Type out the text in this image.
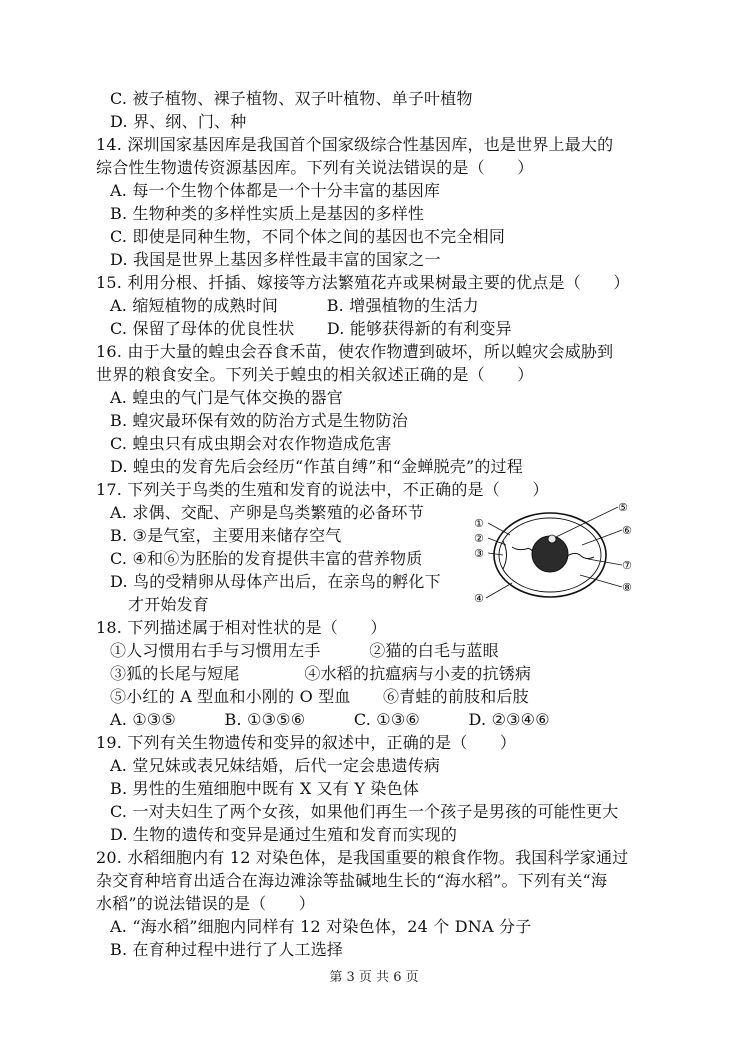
C. 被子植物、裸子植物、双子叶植物、单子叶植物
D. 界、纲、门、种
14. 深圳国家基因库是我国首个国家级综合性基因库，也是世界上最大的
综合性生物遗传资源基因库。下列有关说法错误的是（　　）
A. 每一个生物个体都是一个十分丰富的基因库
B. 生物种类的多样性实质上是基因的多样性
C. 即使是同种生物，不同个体之间的基因也不完全相同
D. 我国是世界上基因多样性最丰富的国家之一
15. 利用分根、扦插、嫁接等方法繁殖花卉或果树最主要的优点是（　　）
A. 缩短植物的成熟时间　　　B. 增强植物的生活力
C. 保留了母体的优良性状　　D. 能够获得新的有利变异
16. 由于大量的蝗虫会吞食禾苗，使农作物遭到破坏，所以蝗灾会威胁到
世界的粮食安全。下列关于蝗虫的相关叙述正确的是（　　）
A. 蝗虫的气门是气体交换的器官
B. 蝗灾最环保有效的防治方式是生物防治
C. 蝗虫只有成虫期会对农作物造成危害
D. 蝗虫的发育先后会经历“作茧自缚”和“金蝉脱壳”的过程
17. 下列关于鸟类的生殖和发育的说法中，不正确的是（　　）
A. 求偶、交配、产卵是鸟类繁殖的必备环节
B. ③是气室，主要用来储存空气
C. ④和⑥为胚胎的发育提供丰富的营养物质
D. 鸟的受精卵从母体产出后，在亲鸟的孵化下
才开始发育
18. 下列描述属于相对性状的是（　　）
①人习惯用右手与习惯用左手　　　②猫的白毛与蓝眼
③狐的长尾与短尾　　　　④水稻的抗瘟病与小麦的抗锈病
⑤小红的 A 型血和小刚的 O 型血　　⑥青蛙的前肢和后肢
A. ①③⑤　　　B. ①③⑤⑥　　　C. ①③⑥　　　D. ②③④⑥
19. 下列有关生物遗传和变异的叙述中，正确的是（　　）
A. 堂兄妹或表兄妹结婚，后代一定会患遗传病
B. 男性的生殖细胞中既有 X 又有 Y 染色体
C. 一对夫妇生了两个女孩，如果他们再生一个孩子是男孩的可能性更大
D. 生物的遗传和变异是通过生殖和发育而实现的
20. 水稻细胞内有 12 对染色体，是我国重要的粮食作物。我国科学家通过
杂交育种培育出适合在海边滩涂等盐碱地生长的“海水稻”。下列有关“海
水稻”的说法错误的是（　　）
A. “海水稻”细胞内同样有 12 对染色体，24 个 DNA 分子
B. 在育种过程中进行了人工选择
①
②
③
④
⑤
⑥
⑦
⑧
第 3 页 共 6 页
